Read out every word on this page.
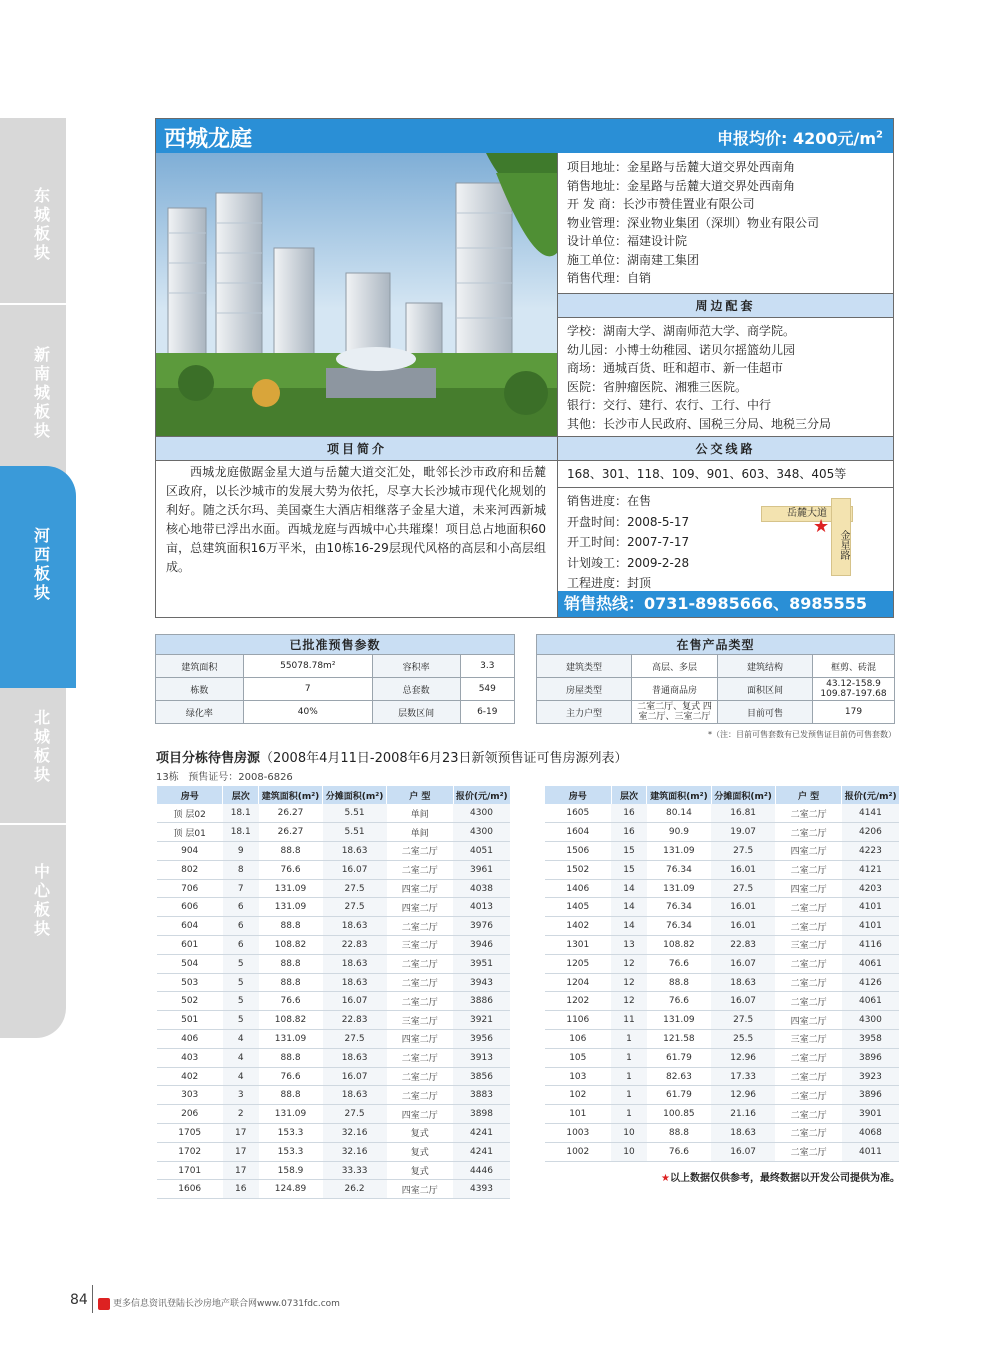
东城板块
新南城板块
河西板块
北城板块
中心板块
西城龙庭	申报均价: 4200元$/m^2$
项目地址：金星路与岳麓大道交界处西南角
销售地址：金星路与岳麓大道交界处西南角
开 发 商：长沙市赞佳置业有限公司
物业管理：深业物业集团（深圳）物业有限公司
设计单位：福建设计院
施工单位：湖南建工集团
销售代理：自销
周边配套
学校：湖南大学、湖南师范大学、商学院。
幼儿园：小博士幼稚园、诺贝尔摇篮幼儿园
商场：通城百货、旺和超市、新一佳超市
医院：省肿瘤医院、湘雅三医院。
银行：交行、建行、农行、工行、中行
其他：长沙市人民政府、国税三分局、地税三分局
项目简介	公交线路
西城龙庭傲踞金星大道与岳麓大道交汇处，毗邻长沙市政府和岳麓区政府，以长沙城市的发展大势为依托，尽享大长沙城市现代化规划的利好。随之沃尔玛、美国豪生大酒店相继落子金星大道，未来河西新城核心地带已浮出水面。西城龙庭与西城中心共璀璨！项目总占地面积60亩，总建筑面积16万平米，由10栋16-29层现代风格的高层和小高层组成。
168、301、118、109、901、603、348、405等
销售进度：在售
开盘时间：2008-5-17
开工时间：2007-7-17
计划竣工：2009-2-28
工程进度：封顶
岳麓大道
金星路
★
销售热线：0731-8985666、8985555
已批准预售参数			
建筑面积	55078.78m²	容积率	3.3
栋数	7	总套数	549
绿化率	40%	层数区间	6-19
在售产品类型			
建筑类型	高层、多层	建筑结构	框剪、砖混
房屋类型	普通商品房	面积区间	43.12-158.9 109.87-197.68
主力户型	二室二厅、复式 四室二厅、三室二厅	目前可售	179
*（注：目前可售套数有已发预售证目前仍可售套数）
项目分栋待售房源（2008年4月11日-2008年6月23日新领预售证可售房源列表）
13栋 预售证号：2008-6826
房号	层次	建筑面积(m²)	分摊面积(m²)	户 型	报价(元/m²)
顶 层02	18.1	26.27	5.51	单间	4300
顶 层01	18.1	26.27	5.51	单间	4300
904	9	88.8	18.63	二室二厅	4051
802	8	76.6	16.07	二室二厅	3961
706	7	131.09	27.5	四室二厅	4038
606	6	131.09	27.5	四室二厅	4013
604	6	88.8	18.63	二室二厅	3976
601	6	108.82	22.83	三室二厅	3946
504	5	88.8	18.63	二室二厅	3951
503	5	88.8	18.63	二室二厅	3943
502	5	76.6	16.07	二室二厅	3886
501	5	108.82	22.83	三室二厅	3921
406	4	131.09	27.5	四室二厅	3956
403	4	88.8	18.63	二室二厅	3913
402	4	76.6	16.07	二室二厅	3856
303	3	88.8	18.63	二室二厅	3883
206	2	131.09	27.5	四室二厅	3898
1705	17	153.3	32.16	复式	4241
1702	17	153.3	32.16	复式	4241
1701	17	158.9	33.33	复式	4446
1606	16	124.89	26.2	四室二厅	4393
房号	层次	建筑面积(m²)	分摊面积(m²)	户 型	报价(元/m²)
1605	16	80.14	16.81	二室二厅	4141
1604	16	90.9	19.07	二室二厅	4206
1506	15	131.09	27.5	四室二厅	4223
1502	15	76.34	16.01	二室二厅	4121
1406	14	131.09	27.5	四室二厅	4203
1405	14	76.34	16.01	二室二厅	4101
1402	14	76.34	16.01	二室二厅	4101
1301	13	108.82	22.83	三室二厅	4116
1205	12	76.6	16.07	二室二厅	4061
1204	12	88.8	18.63	二室二厅	4126
1202	12	76.6	16.07	二室二厅	4061
1106	11	131.09	27.5	四室二厅	4300
106	1	121.58	25.5	三室二厅	3958
105	1	61.79	12.96	二室二厅	3896
103	1	82.63	17.33	二室二厅	3923
102	1	61.79	12.96	二室二厅	3896
101	1	100.85	21.16	二室二厅	3901
1003	10	88.8	18.63	二室二厅	4068
1002	10	76.6	16.07	二室二厅	4011
★以上数据仅供参考，最终数据以开发公司提供为准。
84	更多信息资讯登陆长沙房地产联合网www.0731fdc.com
